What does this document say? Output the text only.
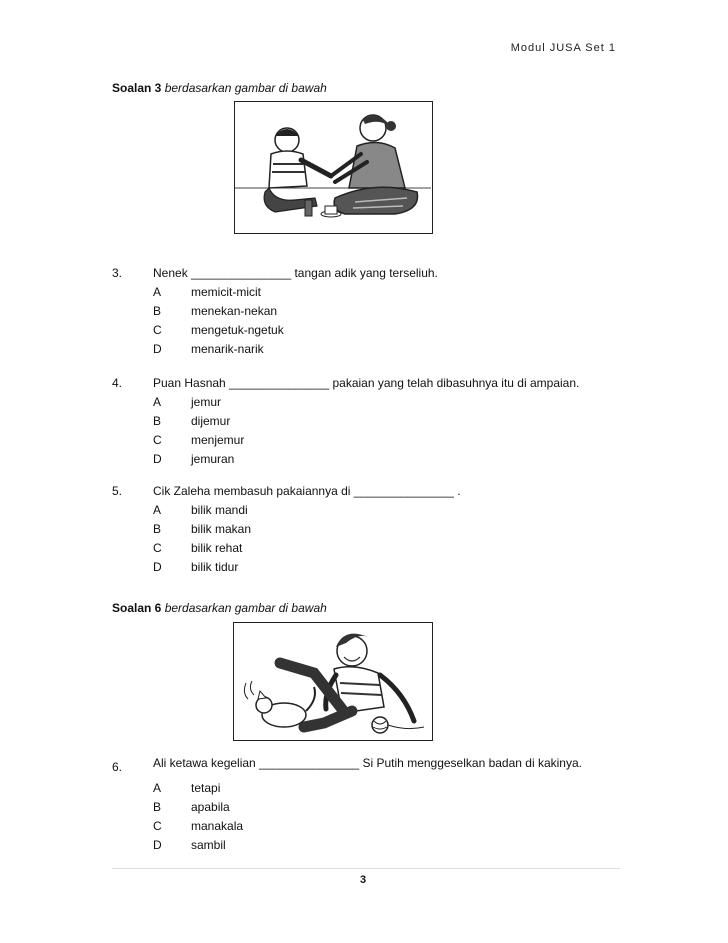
Modul JUSA Set 1
Soalan 3 berdasarkan gambar di bawah
3.	Nenek _______________ tangan adik yang terseliuh.
A memicit-micit
B menekan-nekan
C mengetuk-ngetuk
D menarik-narik
4.	Puan Hasnah _______________ pakaian yang telah dibasuhnya itu di ampaian.
A jemur
B dijemur
C menjemur
D jemuran
5.	Cik Zaleha membasuh pakaiannya di _______________ .
A bilik mandi
B bilik makan
C bilik rehat
D bilik tidur
Soalan 6 berdasarkan gambar di bawah
6.	Ali ketawa kegelian _______________ Si Putih menggeselkan badan di kakinya.
A tetapi
B apabila
C manakala
D sambil
3
